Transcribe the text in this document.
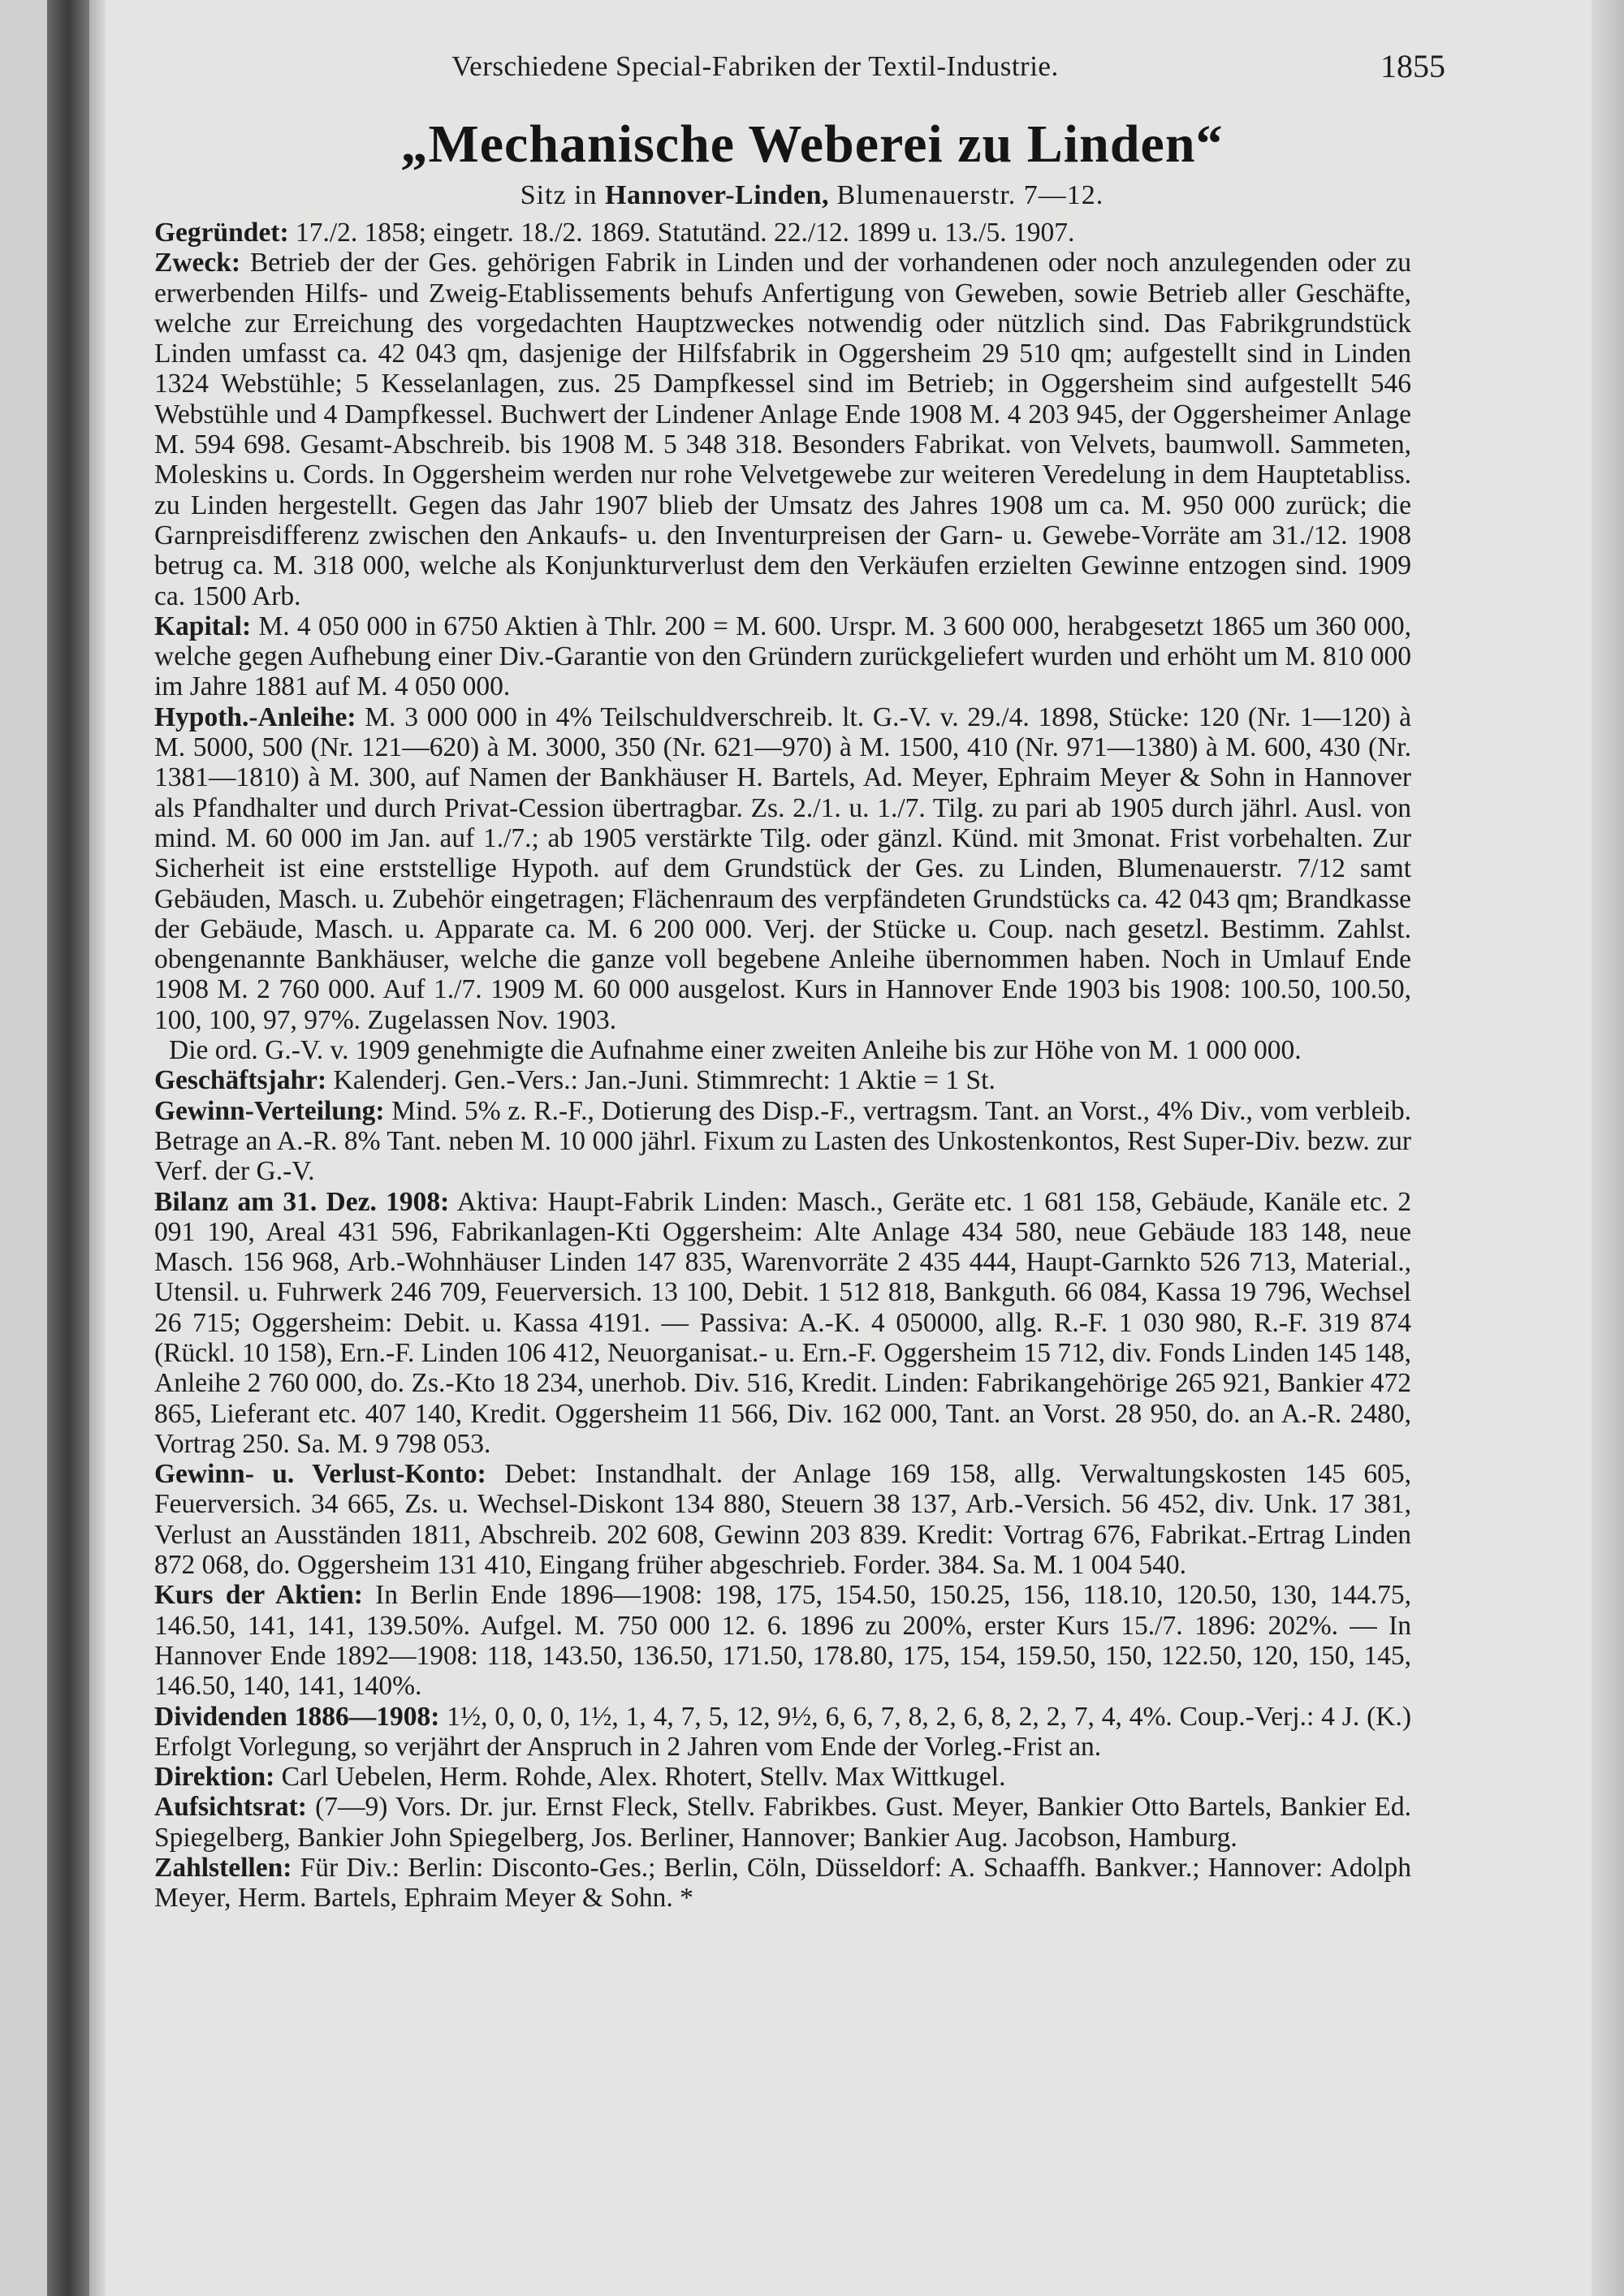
Verschiedene Special-Fabriken der Textil-Industrie.	1855
„Mechanische Weberei zu Linden“
Sitz in Hannover-Linden, Blumenauerstr. 7—12.

Gegründet: 17./2. 1858; eingetr. 18./2. 1869. Statutänd. 22./12. 1899 u. 13./5. 1907.

Zweck: Betrieb der der Ges. gehörigen Fabrik in Linden und der vorhandenen oder noch anzulegenden oder zu erwerbenden Hilfs- und Zweig-Etablissements behufs Anfertigung von Geweben, sowie Betrieb aller Geschäfte, welche zur Erreichung des vorgedachten Hauptzweckes notwendig oder nützlich sind. Das Fabrikgrundstück Linden umfasst ca. 42 043 qm, dasjenige der Hilfsfabrik in Oggersheim 29 510 qm; aufgestellt sind in Linden 1324 Webstühle; 5 Kesselanlagen, zus. 25 Dampfkessel sind im Betrieb; in Oggersheim sind aufgestellt 546 Webstühle und 4 Dampfkessel. Buchwert der Lindener Anlage Ende 1908 M. 4 203 945, der Oggersheimer Anlage M. 594 698. Gesamt-Abschreib. bis 1908 M. 5 348 318. Besonders Fabrikat. von Velvets, baumwoll. Sammeten, Moleskins u. Cords. In Oggersheim werden nur rohe Velvetgewebe zur weiteren Veredelung in dem Hauptetabliss. zu Linden hergestellt. Gegen das Jahr 1907 blieb der Umsatz des Jahres 1908 um ca. M. 950 000 zurück; die Garnpreisdifferenz zwischen den Ankaufs- u. den Inventurpreisen der Garn- u. Gewebe-Vorräte am 31./12. 1908 betrug ca. M. 318 000, welche als Konjunkturverlust dem den Verkäufen erzielten Gewinne entzogen sind. 1909 ca. 1500 Arb.

Kapital: M. 4 050 000 in 6750 Aktien à Thlr. 200 = M. 600. Urspr. M. 3 600 000, herabgesetzt 1865 um 360 000, welche gegen Aufhebung einer Div.-Garantie von den Gründern zurückgeliefert wurden und erhöht um M. 810 000 im Jahre 1881 auf M. 4 050 000.

Hypoth.-Anleihe: M. 3 000 000 in 4% Teilschuldverschreib. lt. G.-V. v. 29./4. 1898, Stücke: 120 (Nr. 1—120) à M. 5000, 500 (Nr. 121—620) à M. 3000, 350 (Nr. 621—970) à M. 1500, 410 (Nr. 971—1380) à M. 600, 430 (Nr. 1381—1810) à M. 300, auf Namen der Bankhäuser H. Bartels, Ad. Meyer, Ephraim Meyer & Sohn in Hannover als Pfandhalter und durch Privat-Cession übertragbar. Zs. 2./1. u. 1./7. Tilg. zu pari ab 1905 durch jährl. Ausl. von mind. M. 60 000 im Jan. auf 1./7.; ab 1905 verstärkte Tilg. oder gänzl. Künd. mit 3monat. Frist vorbehalten. Zur Sicherheit ist eine erststellige Hypoth. auf dem Grundstück der Ges. zu Linden, Blumenauerstr. 7/12 samt Gebäuden, Masch. u. Zubehör eingetragen; Flächenraum des verpfändeten Grundstücks ca. 42 043 qm; Brandkasse der Gebäude, Masch. u. Apparate ca. M. 6 200 000. Verj. der Stücke u. Coup. nach gesetzl. Bestimm. Zahlst. obengenannte Bankhäuser, welche die ganze voll begebene Anleihe übernommen haben. Noch in Umlauf Ende 1908 M. 2 760 000. Auf 1./7. 1909 M. 60 000 ausgelost. Kurs in Hannover Ende 1903 bis 1908: 100.50, 100.50, 100, 100, 97, 97%. Zugelassen Nov. 1903.

Die ord. G.-V. v. 1909 genehmigte die Aufnahme einer zweiten Anleihe bis zur Höhe von M. 1 000 000.

Geschäftsjahr: Kalenderj. Gen.-Vers.: Jan.-Juni. Stimmrecht: 1 Aktie = 1 St.

Gewinn-Verteilung: Mind. 5% z. R.-F., Dotierung des Disp.-F., vertragsm. Tant. an Vorst., 4% Div., vom verbleib. Betrage an A.-R. 8% Tant. neben M. 10 000 jährl. Fixum zu Lasten des Unkostenkontos, Rest Super-Div. bezw. zur Verf. der G.-V.

Bilanz am 31. Dez. 1908: Aktiva: Haupt-Fabrik Linden: Masch., Geräte etc. 1 681 158, Gebäude, Kanäle etc. 2 091 190, Areal 431 596, Fabrikanlagen-Kti Oggersheim: Alte Anlage 434 580, neue Gebäude 183 148, neue Masch. 156 968, Arb.-Wohnhäuser Linden 147 835, Warenvorräte 2 435 444, Haupt-Garnkto 526 713, Material., Utensil. u. Fuhrwerk 246 709, Feuerversich. 13 100, Debit. 1 512 818, Bankguth. 66 084, Kassa 19 796, Wechsel 26 715; Oggersheim: Debit. u. Kassa 4191. — Passiva: A.-K. 4 050000, allg. R.-F. 1 030 980, R.-F. 319 874 (Rückl. 10 158), Ern.-F. Linden 106 412, Neuorganisat.- u. Ern.-F. Oggersheim 15 712, div. Fonds Linden 145 148, Anleihe 2 760 000, do. Zs.-Kto 18 234, unerhob. Div. 516, Kredit. Linden: Fabrikangehörige 265 921, Bankier 472 865, Lieferant etc. 407 140, Kredit. Oggersheim 11 566, Div. 162 000, Tant. an Vorst. 28 950, do. an A.-R. 2480, Vortrag 250. Sa. M. 9 798 053.

Gewinn- u. Verlust-Konto: Debet: Instandhalt. der Anlage 169 158, allg. Verwaltungskosten 145 605, Feuerversich. 34 665, Zs. u. Wechsel-Diskont 134 880, Steuern 38 137, Arb.-Versich. 56 452, div. Unk. 17 381, Verlust an Ausständen 1811, Abschreib. 202 608, Gewinn 203 839. Kredit: Vortrag 676, Fabrikat.-Ertrag Linden 872 068, do. Oggersheim 131 410, Eingang früher abgeschrieb. Forder. 384. Sa. M. 1 004 540.

Kurs der Aktien: In Berlin Ende 1896—1908: 198, 175, 154.50, 150.25, 156, 118.10, 120.50, 130, 144.75, 146.50, 141, 141, 139.50%. Aufgel. M. 750 000 12. 6. 1896 zu 200%, erster Kurs 15./7. 1896: 202%. — In Hannover Ende 1892—1908: 118, 143.50, 136.50, 171.50, 178.80, 175, 154, 159.50, 150, 122.50, 120, 150, 145, 146.50, 140, 141, 140%.

Dividenden 1886—1908: 1½, 0, 0, 0, 1½, 1, 4, 7, 5, 12, 9½, 6, 6, 7, 8, 2, 6, 8, 2, 2, 7, 4, 4%. Coup.-Verj.: 4 J. (K.) Erfolgt Vorlegung, so verjährt der Anspruch in 2 Jahren vom Ende der Vorleg.-Frist an.

Direktion: Carl Uebelen, Herm. Rohde, Alex. Rhotert, Stellv. Max Wittkugel.

Aufsichtsrat: (7—9) Vors. Dr. jur. Ernst Fleck, Stellv. Fabrikbes. Gust. Meyer, Bankier Otto Bartels, Bankier Ed. Spiegelberg, Bankier John Spiegelberg, Jos. Berliner, Hannover; Bankier Aug. Jacobson, Hamburg.

Zahlstellen: Für Div.: Berlin: Disconto-Ges.; Berlin, Cöln, Düsseldorf: A. Schaaffh. Bankver.; Hannover: Adolph Meyer, Herm. Bartels, Ephraim Meyer & Sohn. *
